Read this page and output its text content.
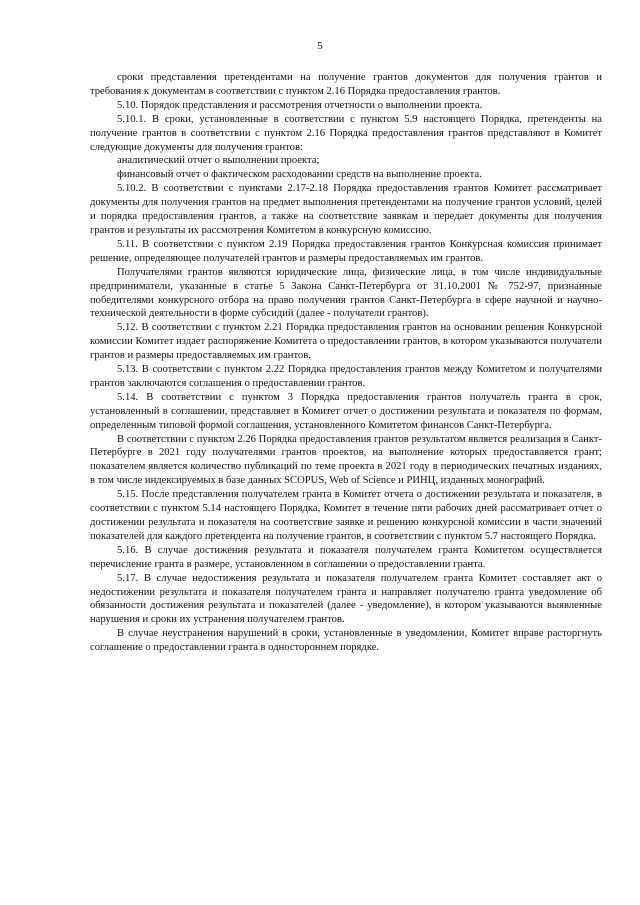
5

сроки представления претендентами на получение грантов документов для получения грантов и требования к документам в соответствии с пунктом 2.16 Порядка предоставления грантов.

5.10. Порядок представления и рассмотрения отчетности о выполнении проекта.

5.10.1. В сроки, установленные в соответствии с пунктом 5.9 настоящего Порядка, претенденты на получение грантов в соответствии с пунктом 2.16 Порядка предоставления грантов представляют в Комитет следующие документы для получения грантов:

аналитический отчет о выполнении проекта;

финансовый отчет о фактическом расходовании средств на выполнение проекта.

5.10.2. В соответствии с пунктами 2.17-2.18 Порядка предоставления грантов Комитет рассматривает документы для получения грантов на предмет выполнения претендентами на получение грантов условий, целей и порядка предоставления грантов, а также на соответствие заявкам и передает документы для получения грантов и результаты их рассмотрения Комитетом в конкурсную комиссию.

5.11. В соответствии с пунктом 2.19 Порядка предоставления грантов Конкурсная комиссия принимает решение, определяющее получателей грантов и размеры предоставляемых им грантов.

Получателями грантов являются юридические лица, физические лица, в том числе индивидуальные предприниматели, указанные в статье 5 Закона Санкт-Петербурга от 31.10.2001 № 752-97, признанные победителями конкурсного отбора на право получения грантов Санкт-Петербурга в сфере научной и научно-технической деятельности в форме субсидий (далее - получатели грантов).

5.12. В соответствии с пунктом 2.21 Порядка предоставления грантов на основании решения Конкурсной комиссии Комитет издает распоряжение Комитета о предоставлении грантов, в котором указываются получатели грантов и размеры предоставляемых им грантов.

5.13. В соответствии с пунктом 2.22 Порядка предоставления грантов между Комитетом и получателями грантов заключаются соглашения о предоставлении грантов.

5.14. В соответствии с пунктом 3 Порядка предоставления грантов получатель гранта в срок, установленный в соглашении, представляет в Комитет отчет о достижении результата и показателя по формам, определенным типовой формой соглашения, установленного Комитетом финансов Санкт-Петербурга.

В соответствии с пунктом 2.26 Порядка предоставления грантов результатом является реализация в Санкт-Петербурге в 2021 году получателями грантов проектов, на выполнение которых предоставляется грант; показателем является количество публикаций по теме проекта в 2021 году в периодических печатных изданиях, в том числе индексируемых в базе данных SCOPUS, Web of Science и РИНЦ, изданных монографий.

5.15. После представления получателем гранта в Комитет отчета о достижении результата и показателя, в соответствии с пунктом 5.14 настоящего Порядка, Комитет в течение пяти рабочих дней рассматривает отчет о достижении результата и показателя на соответствие заявке и решению конкурсной комиссии в части значений показателей для каждого претендента на получение грантов, в соответствии с пунктом 5.7 настоящего Порядка.

5.16. В случае достижения результата и показателя получателем гранта Комитетом осуществляется перечисление гранта в размере, установленном в соглашении о предоставлении гранта.

5.17. В случае недостижения результата и показателя получателем гранта Комитет составляет акт о недостижении результата и показателя получателем гранта и направляет получателю гранта уведомление об обязанности достижения результата и показателей (далее - уведомление), в котором указываются выявленные нарушения и сроки их устранения получателем грантов.

В случае неустранения нарушений в сроки, установленные в уведомлении, Комитет вправе расторгнуть соглашение о предоставлении гранта в одностороннем порядке.
